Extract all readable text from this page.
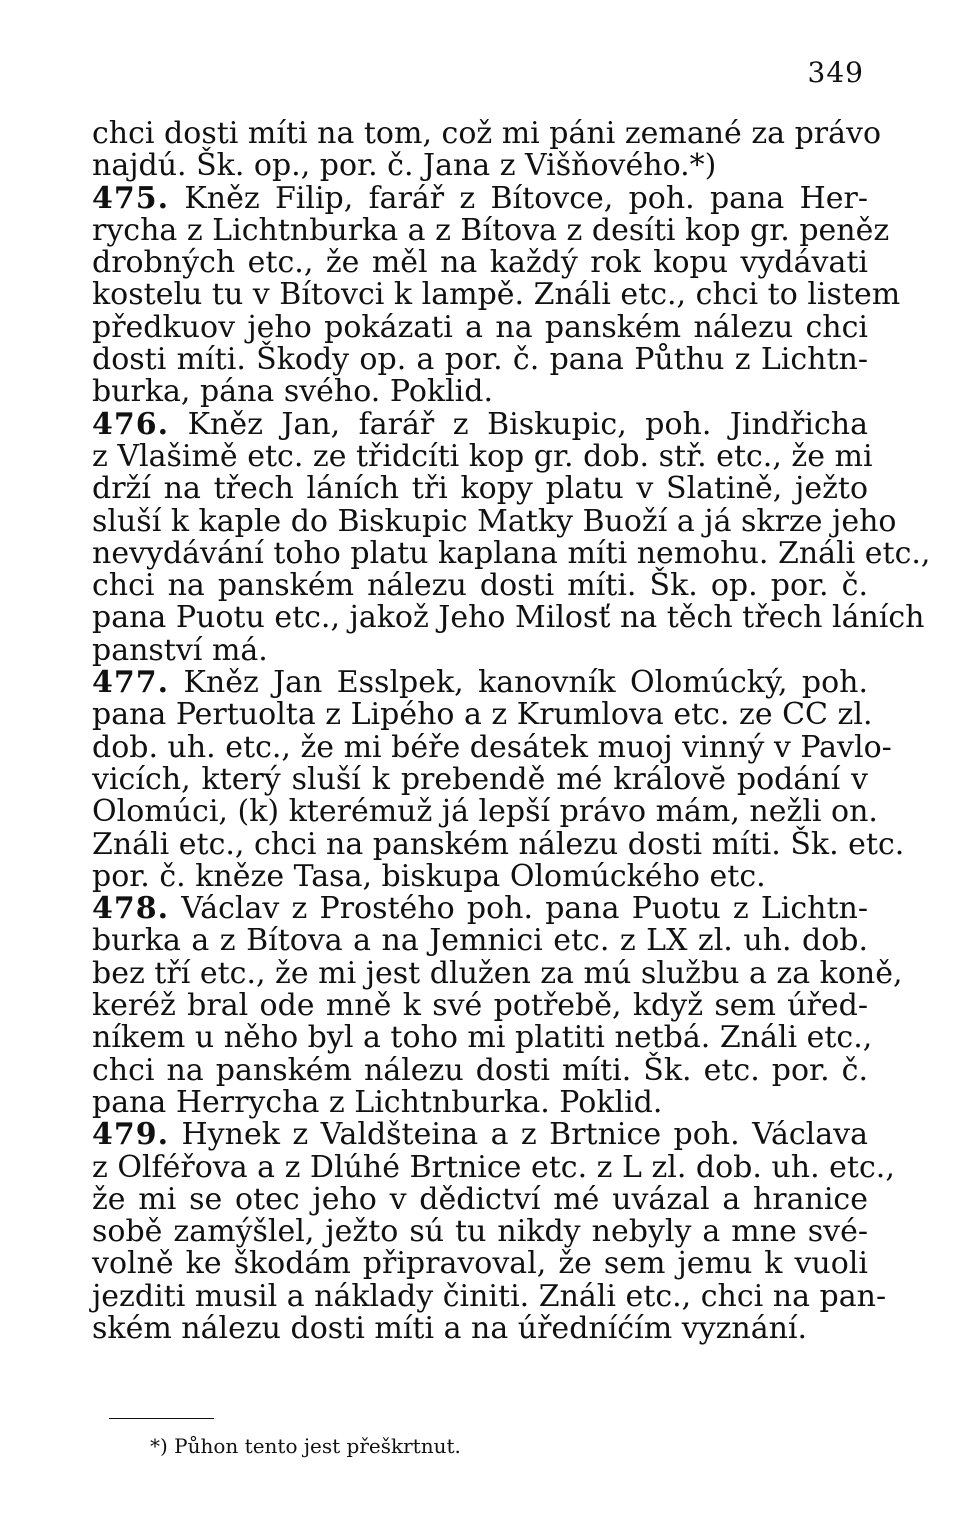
349
chci dosti míti na tom, což mi páni zemané za právo
najdú. Šk. op., por. č. Jana z Višňového.*)
475. Kněz Filip, farář z Bítovce, poh. pana Her-
rycha z Lichtnburka a z Bítova z desíti kop gr. peněz
drobných etc., že měl na každý rok kopu vydávati
kostelu tu v Bítovci k lampě. Ználi etc., chci to listem
předkuov jeho pokázati a na panském nálezu chci
dosti míti. Škody op. a por. č. pana Půthu z Lichtn-
burka, pána svého. Poklid.
476. Kněz Jan, farář z Biskupic, poh. Jindřicha
z Vlašimě etc. ze třidcíti kop gr. dob. stř. etc., že mi
drží na třech láních tři kopy platu v Slatině, ježto
sluší k kaple do Biskupic Matky Buoží a já skrze jeho
nevydávání toho platu kaplana míti nemohu. Ználi etc.,
chci na panském nálezu dosti míti. Šk. op. por. č.
pana Puotu etc., jakož Jeho Milosť na těch třech láních
panství má.
477. Kněz Jan Esslpek, kanovník Olomúcký, poh.
pana Pertuolta z Lipého a z Krumlova etc. ze CC zl.
dob. uh. etc., že mi béře desátek muoj vinný v Pavlo-
vicích, který sluší k prebendě mé královĕ podání v
Olomúci, (k) kterémuž já lepší právo mám, nežli on.
Ználi etc., chci na panském nálezu dosti míti. Šk. etc.
por. č. kněze Tasa, biskupa Olomúckého etc.
478. Václav z Prostého poh. pana Puotu z Lichtn-
burka a z Bítova a na Jemnici etc. z LX zl. uh. dob.
bez tří etc., že mi jest dlužen za mú službu a za koně,
keréž bral ode mně k své potřebě, když sem úřed-
níkem u něho byl a toho mi platiti netbá. Ználi etc.,
chci na panském nálezu dosti míti. Šk. etc. por. č.
pana Herrycha z Lichtnburka. Poklid.
479. Hynek z Valdšteina a z Brtnice poh. Václava
z Olféřova a z Dlúhé Brtnice etc. z L zl. dob. uh. etc.,
že mi se otec jeho v dědictví mé uvázal a hranice
sobě zamýšlel, ježto sú tu nikdy nebyly a mne své-
volně ke škodám připravoval, že sem jemu k vuoli
jezditi musil a náklady činiti. Ználi etc., chci na pan-
ském nálezu dosti míti a na úředníćím vyznání.
*) Půhon tento jest přeškrtnut.
